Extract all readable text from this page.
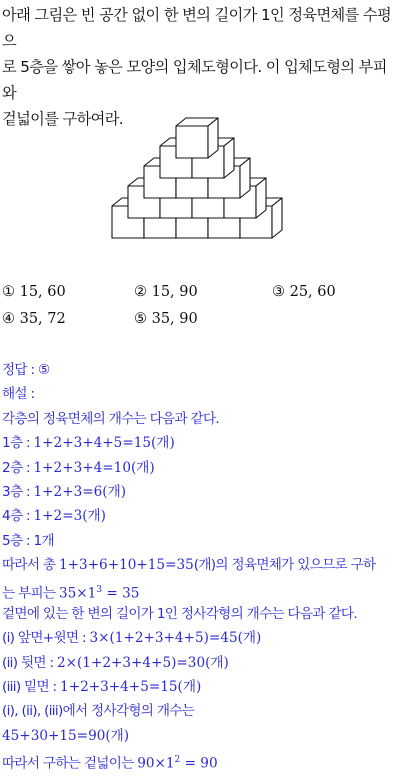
아래 그림은 빈 공간 없이 한 변의 길이가 1인 정육면체를 수평으
로 5층을 쌓아 놓은 모양의 입체도형이다. 이 입체도형의 부피와
겉넓이를 구하여라.
① 15, 60	② 15, 90	③ 25, 60
④ 35, 72	⑤ 35, 90
정답 : ⑤
해설 :
각층의 정육면체의 개수는 다음과 같다.
1층 : 1+2+3+4+5=15(개)
2층 : 1+2+3+4=10(개)
3층 : 1+2+3=6(개)
4층 : 1+2=3(개)
5층 : 1개
따라서 총 1+3+6+10+15=35(개)의 정육면체가 있으므로 구하
는 부피는 $35\times 1^3 = 35$
겉면에 있는 한 변의 길이가 1인 정사각형의 개수는 다음과 같다.
(i) 앞면+윗면 : 3×(1+2+3+4+5)=45(개)
(ii) 뒷면 : 2×(1+2+3+4+5)=30(개)
(iii) 밑면 : 1+2+3+4+5=15(개)
(i), (ii), (iii)에서 정사각형의 개수는
45+30+15=90(개)
따라서 구하는 겉넓이는 $90\times 1^2 = 90$
